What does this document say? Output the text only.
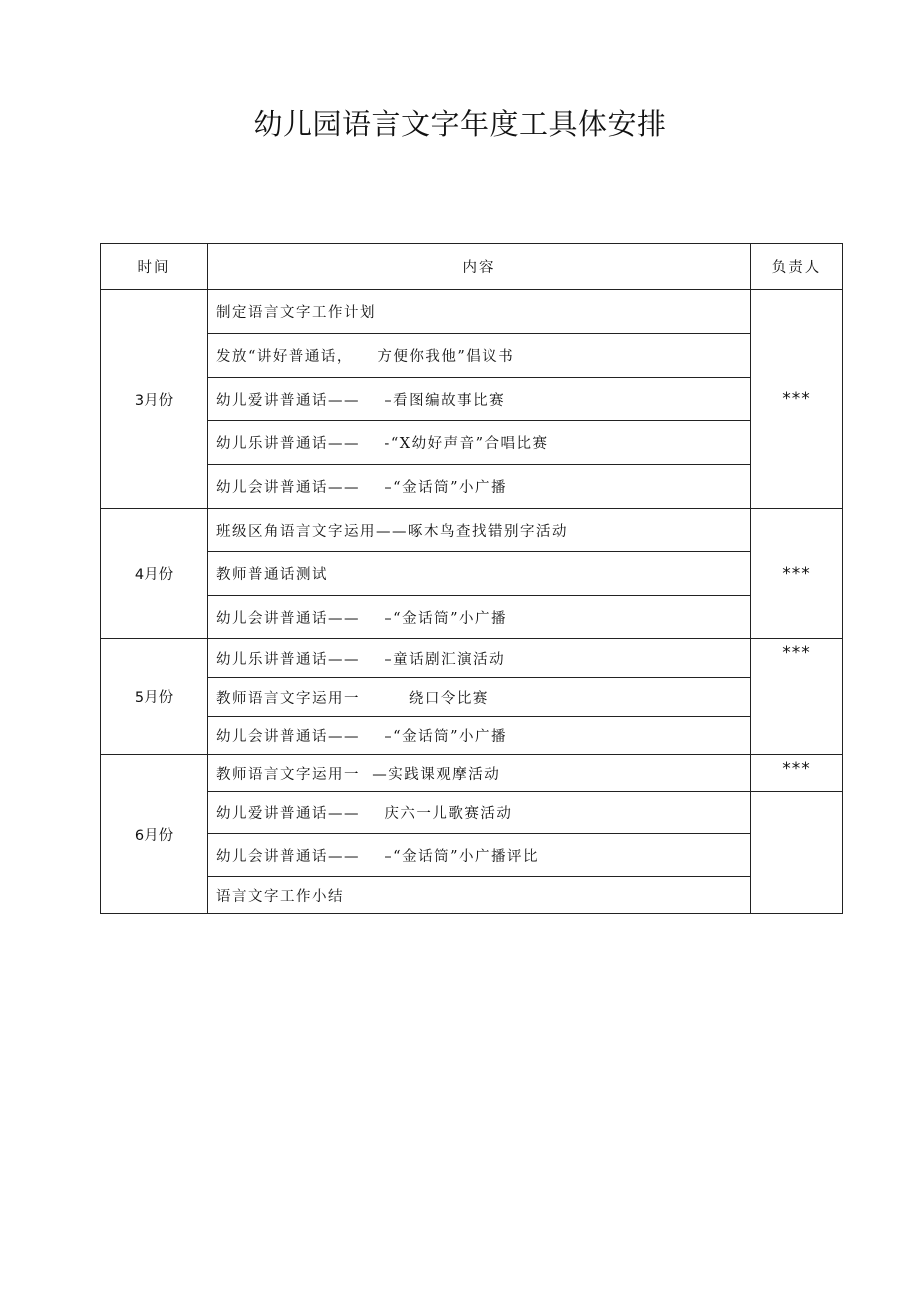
幼儿园语言文字年度工具体安排
时间	内容	负责人
3月份	制定语言文字工作计划	***
	发放“讲好普通话，    方便你我他”倡议书	
	幼儿爱讲普通话——    –看图编故事比赛	
	幼儿乐讲普通话——    -“X幼好声音”合唱比赛	
	幼儿会讲普通话——    –“金话筒”小广播	
4月份	班级区角语言文字运用——啄木鸟查找错别字活动	***
	教师普通话测试	
	幼儿会讲普通话——    –“金话筒”小广播	
5月份	幼儿乐讲普通话——    –童话剧汇演活动	***
	教师语言文字运用一        绕口令比赛	
	幼儿会讲普通话——    –“金话筒”小广播	
6月份	教师语言文字运用一  —实践课观摩活动	***
	幼儿爱讲普通话——    庆六一儿歌赛活动	
	幼儿会讲普通话——    –“金话筒”小广播评比	
	语言文字工作小结	
